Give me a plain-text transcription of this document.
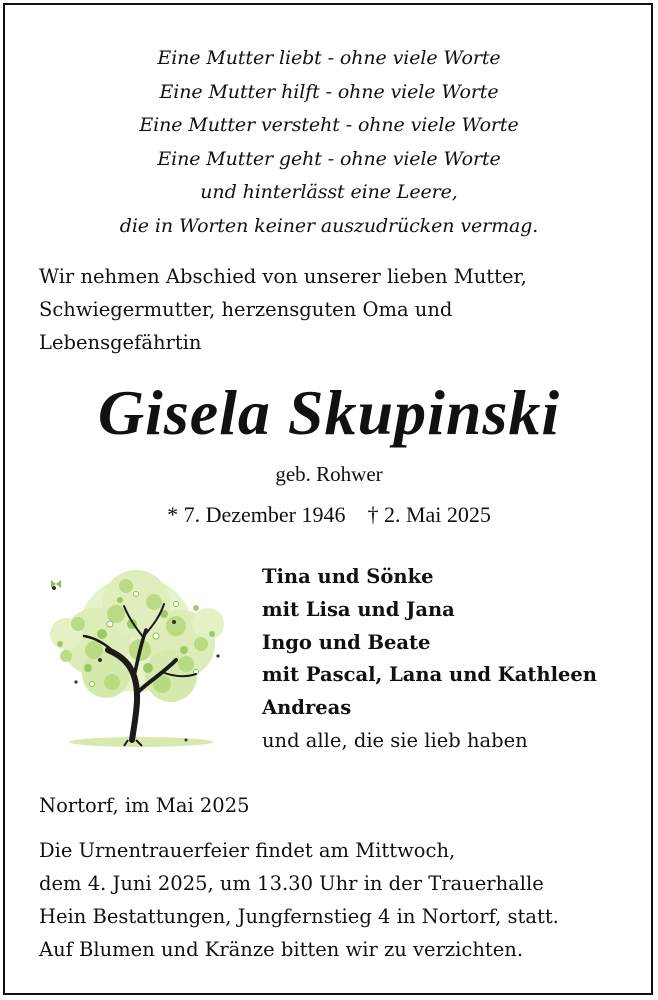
Eine Mutter liebt - ohne viele Worte
Eine Mutter hilft - ohne viele Worte
Eine Mutter versteht - ohne viele Worte
Eine Mutter geht - ohne viele Worte
und hinterlässt eine Leere,
die in Worten keiner auszudrücken vermag.
Wir nehmen Abschied von unserer lieben Mutter,
Schwiegermutter, herzensguten Oma und
Lebensgefährtin
Gisela Skupinski
geb. Rohwer
* 7. Dezember 1946 † 2. Mai 2025
Tina und Sönke
mit Lisa und Jana
Ingo und Beate
mit Pascal, Lana und Kathleen
Andreas
und alle, die sie lieb haben
Nortorf, im Mai 2025
Die Urnentrauerfeier findet am Mittwoch,
dem 4. Juni 2025, um 13.30 Uhr in der Trauerhalle
Hein Bestattungen, Jungfernstieg 4 in Nortorf, statt.
Auf Blumen und Kränze bitten wir zu verzichten.
